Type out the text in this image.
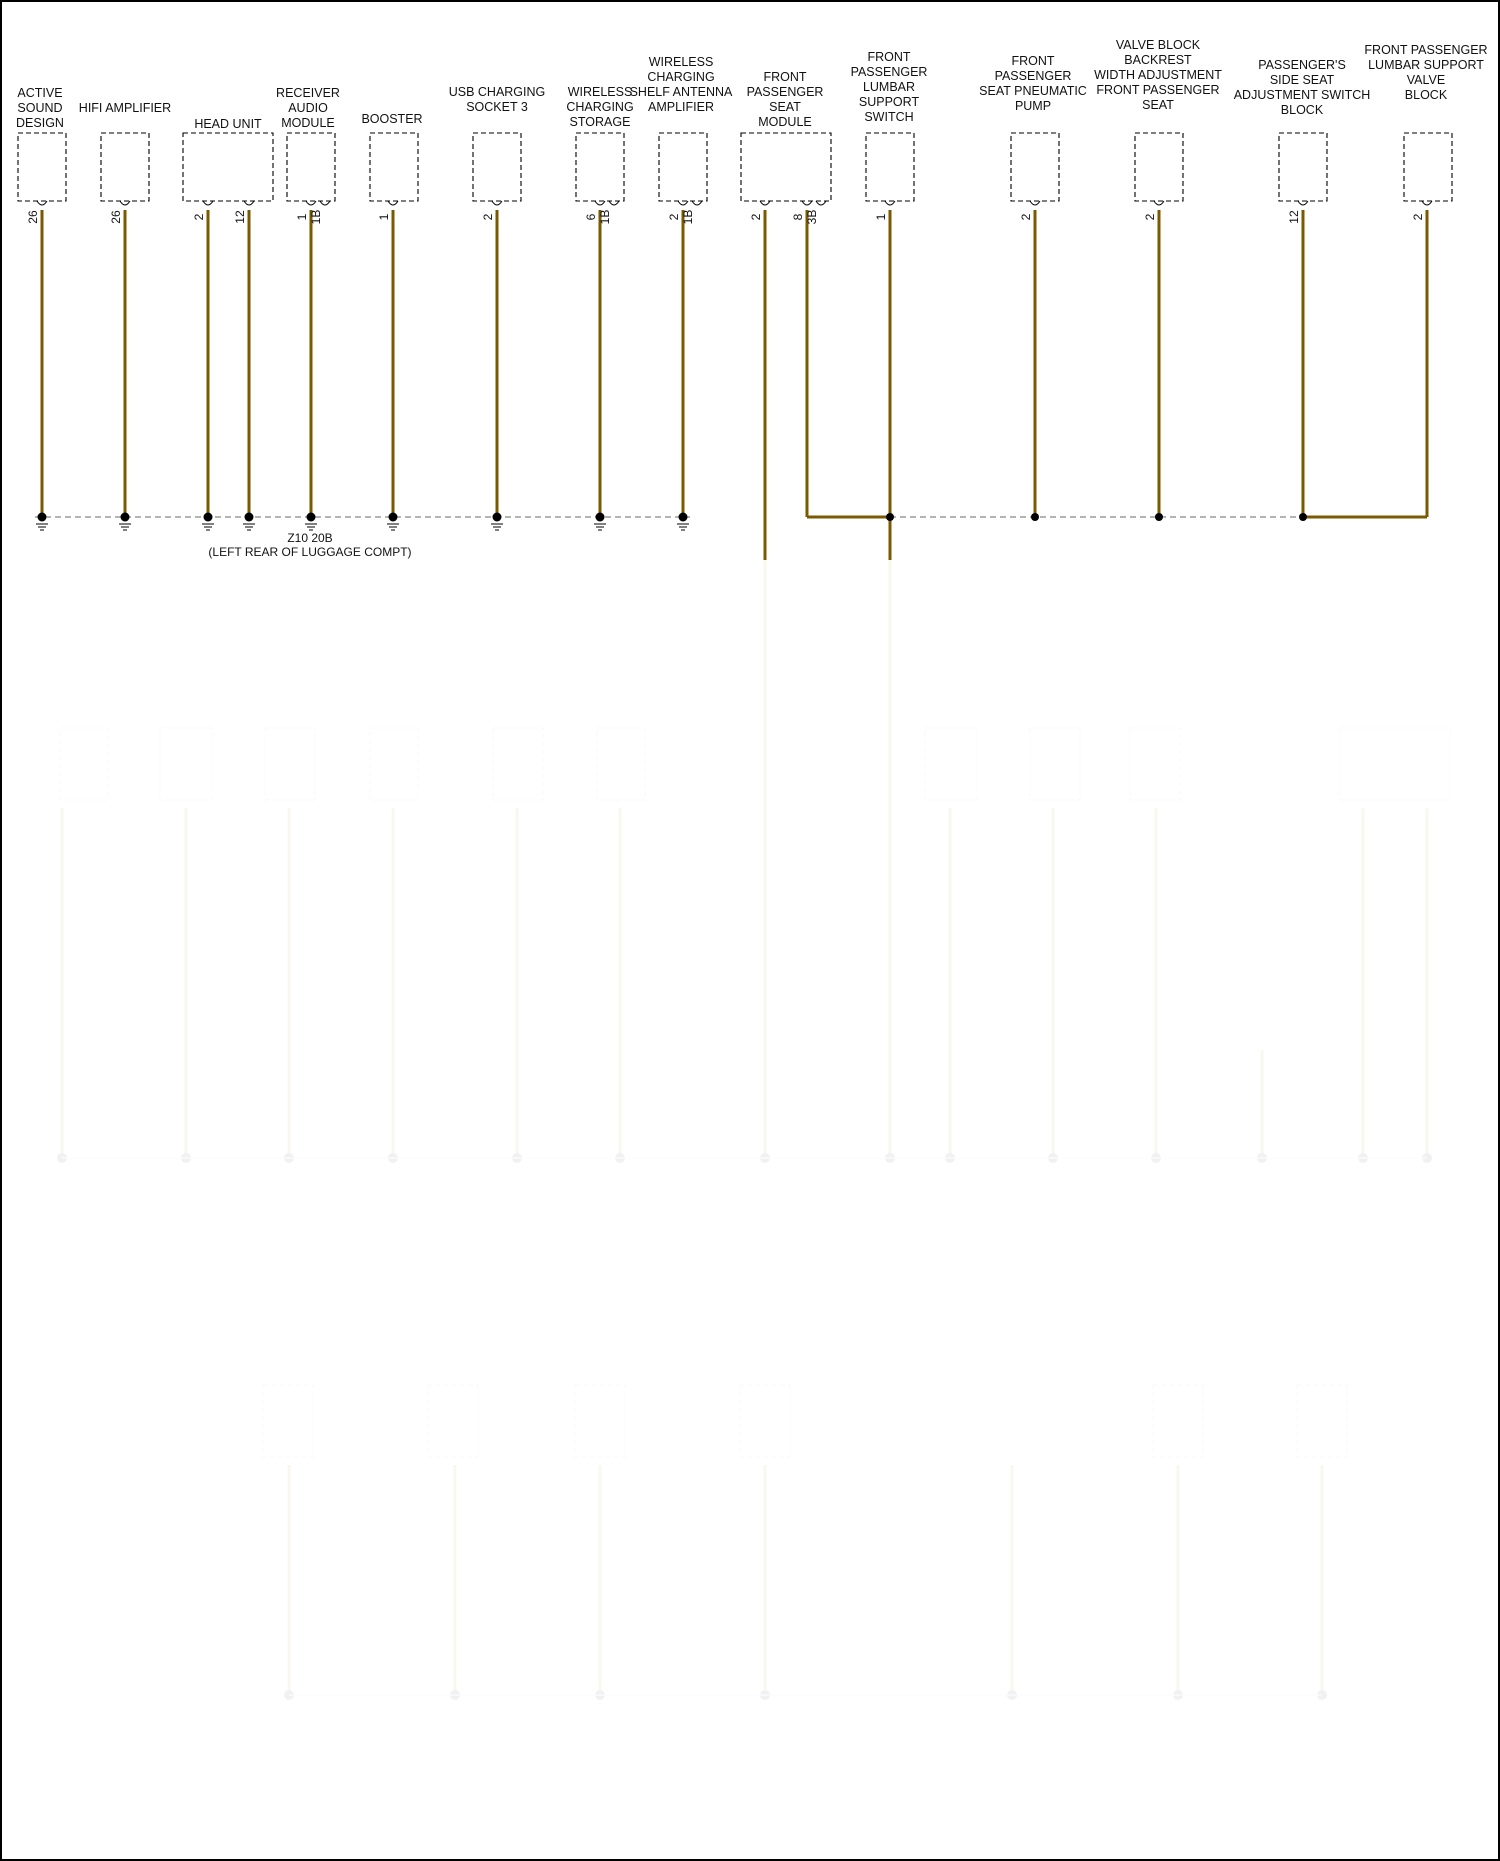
ACTIVE
SOUND
DESIGN
26
HIFI AMPLIFIER
26
HEAD UNIT
2 12
RECEIVER
AUDIO
MODULE
1 1B
BOOSTER
1
USB CHARGING
SOCKET 3
2
WIRELESS
CHARGING
STORAGE
6 1B
WIRELESS
CHARGING
SHELF ANTENNA
AMPLIFIER
2 1B
FRONT
PASSENGER
SEAT
MODULE
2 8 3B
FRONT
PASSENGER
LUMBAR
SUPPORT
SWITCH
1
FRONT
PASSENGER
SEAT PNEUMATIC
PUMP
2
VALVE BLOCK
BACKREST
WIDTH ADJUSTMENT
FRONT PASSENGER
SEAT
2
PASSENGER'S
SIDE SEAT
ADJUSTMENT SWITCH
BLOCK
12
FRONT PASSENGER
LUMBAR SUPPORT
VALVE
BLOCK
2
Z10 20B
(LEFT REAR OF LUGGAGE COMPT)
